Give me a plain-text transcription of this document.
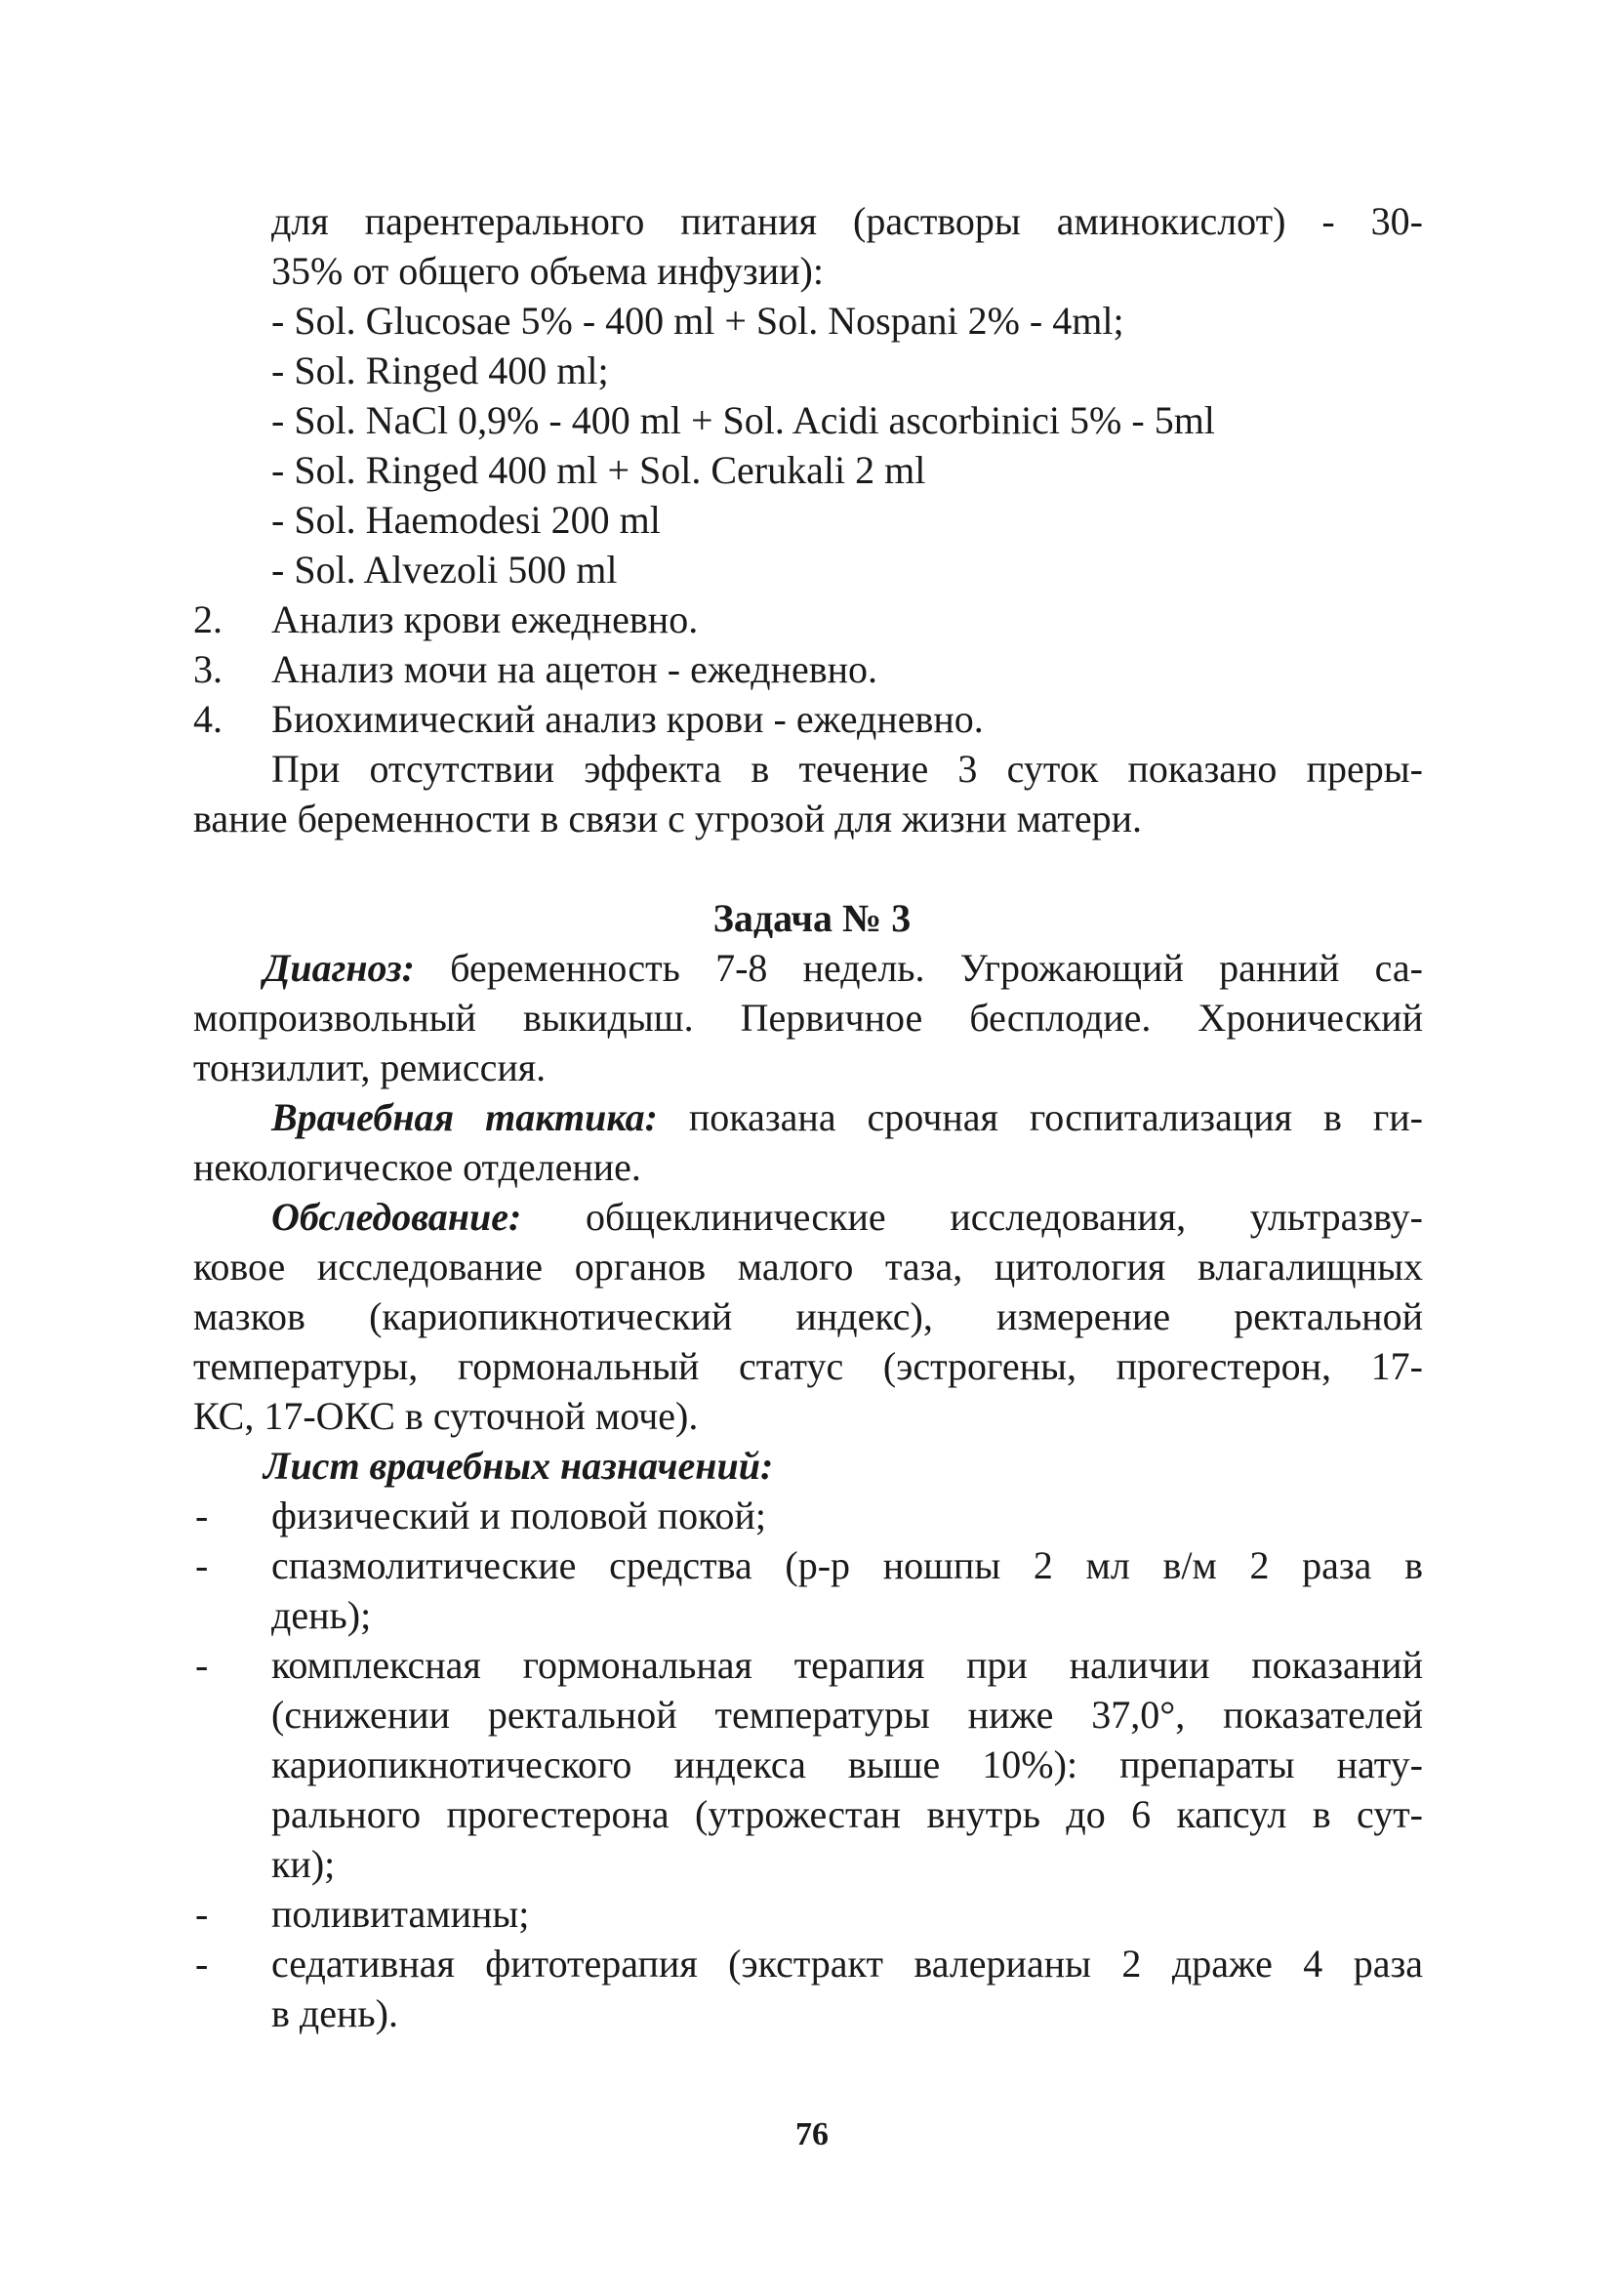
для парентерального питания (растворы аминокислот) - 30-
35% от общего объема инфузии):
- Sol. Glucosae 5% - 400 ml + Sol. Nospani 2% - 4ml;
- Sol. Ringed 400 ml;
- Sol. NaCl 0,9% - 400 ml + Sol. Acidi ascorbinici 5% - 5ml
- Sol. Ringed 400 ml + Sol. Cerukali 2 ml
- Sol. Haemodesi 200 ml
- Sol. Alvezoli 500 ml
2. Анализ крови ежедневно.
3. Анализ мочи на ацетон - ежедневно.
4. Биохимический анализ крови - ежедневно.
При отсутствии эффекта в течение 3 суток показано преры-
вание беременности в связи с угрозой для жизни матери.
Задача № 3
Диагноз: беременность 7-8 недель. Угрожающий ранний са-
мопроизвольный выкидыш. Первичное бесплодие. Хронический
тонзиллит, ремиссия.
Врачебная тактика: показана срочная госпитализация в ги-
некологическое отделение.
Обследование: общеклинические исследования, ультразву-
ковое исследование органов малого таза, цитология влагалищных
мазков (кариопикнотический индекс), измерение ректальной
температуры, гормональный статус (эстрогены, прогестерон, 17-
КС, 17-ОКС в суточной моче).
Лист врачебных назначений:
- физический и половой покой;
- спазмолитические средства (р-р ношпы 2 мл в/м 2 раза в
день);
- комплексная гормональная терапия при наличии показаний
(снижении ректальной температуры ниже 37,0°, показателей
кариопикнотического индекса выше 10%): препараты нату-
рального прогестерона (утрожестан внутрь до 6 капсул в сут-
ки);
- поливитамины;
- седативная фитотерапия (экстракт валерианы 2 драже 4 раза
в день).
76
